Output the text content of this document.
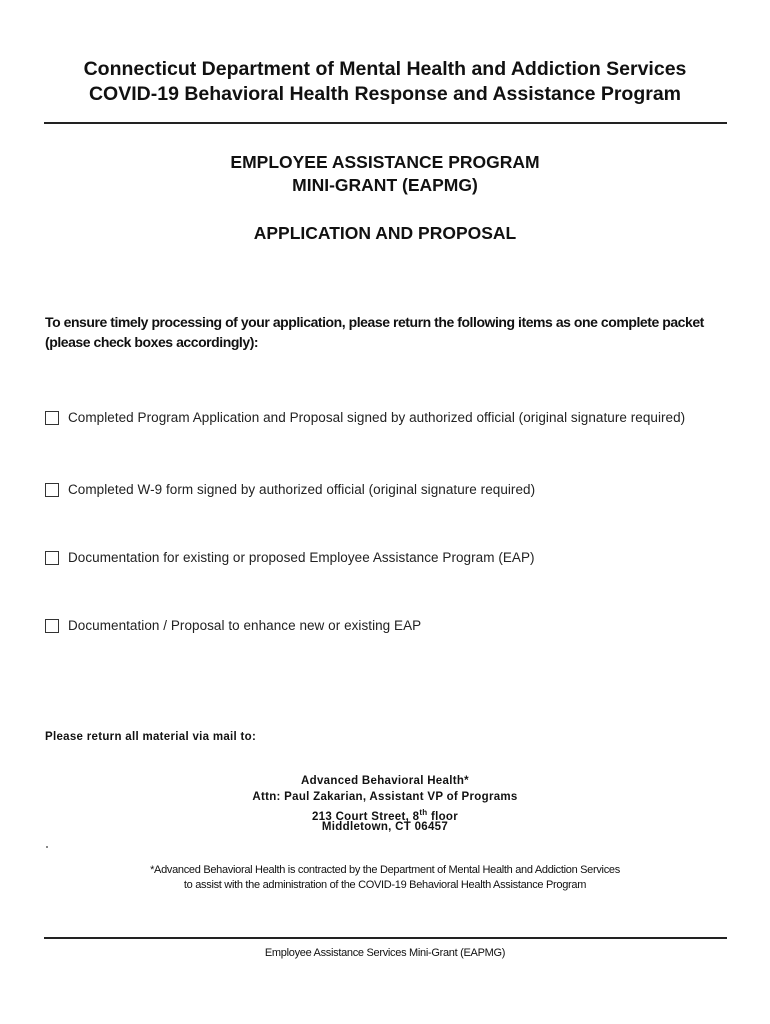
Connecticut Department of Mental Health and Addiction Services
COVID-19 Behavioral Health Response and Assistance Program
EMPLOYEE ASSISTANCE PROGRAM
MINI-GRANT (EAPMG)
APPLICATION AND PROPOSAL
To ensure timely processing of your application, please return the following items as one complete packet (please check boxes accordingly):
Completed Program Application and Proposal signed by authorized official (original signature required)
Completed W-9 form signed by authorized official (original signature required)
Documentation for existing or proposed Employee Assistance Program (EAP)
Documentation / Proposal to enhance new or existing EAP
Please return all material via mail to:
Advanced Behavioral Health*
Attn: Paul Zakarian, Assistant VP of Programs
213 Court Street, 8th floor
Middletown, CT 06457
*Advanced Behavioral Health is contracted by the Department of Mental Health and Addiction Services
to assist with the administration of the COVID-19 Behavioral Health Assistance Program
Employee Assistance Services Mini-Grant (EAPMG)
